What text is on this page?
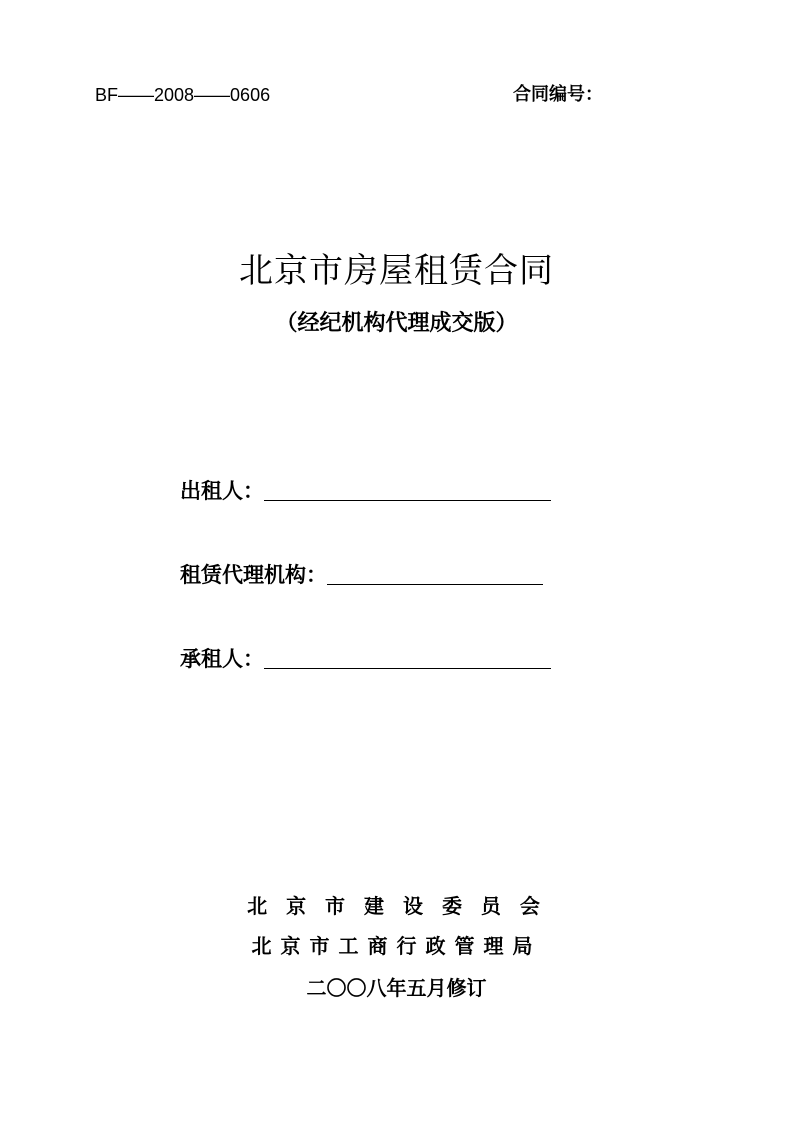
BF——2008——0606	合同编号：
北京市房屋租赁合同
（经纪机构代理成交版）
出租人：
租赁代理机构：
承租人：
北 京 市 建 设 委 员 会
北京市工商行政管理局
二〇〇八年五月修订
